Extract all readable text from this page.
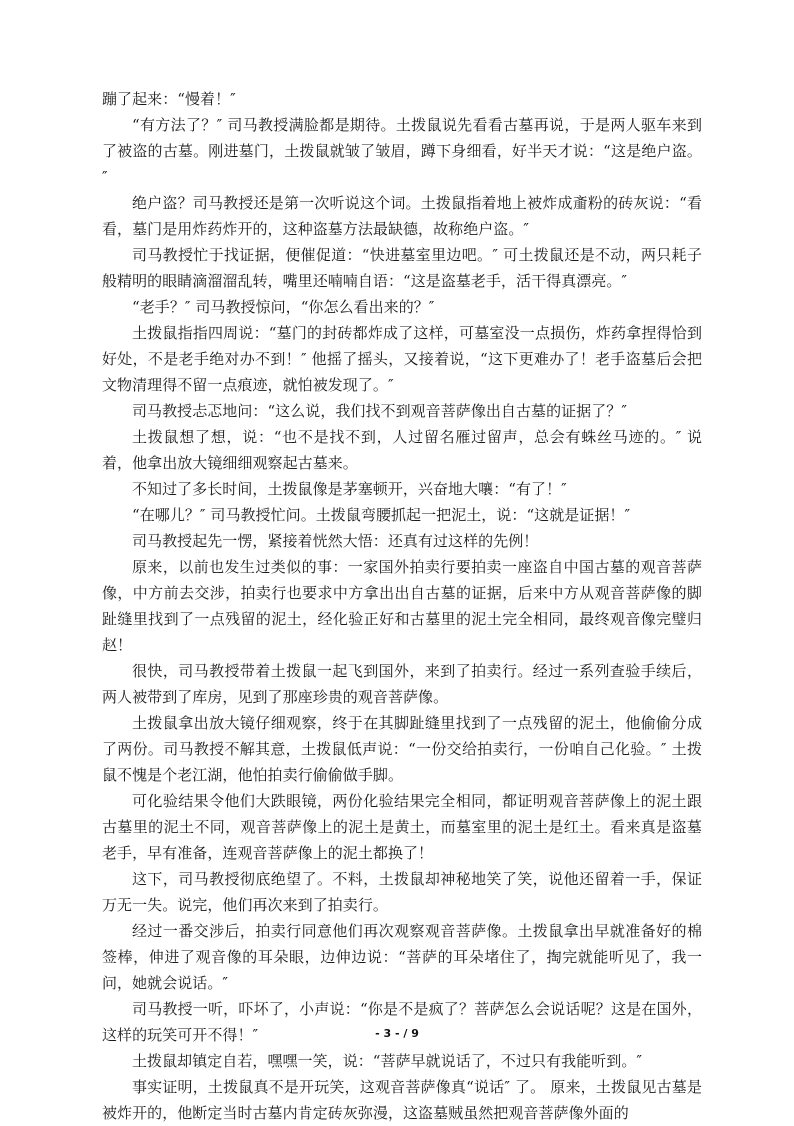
蹦了起来：“慢着！″

“有方法了？″ 司马教授满脸都是期待。土拨鼠说先看看古墓再说，于是两人驱车来到了被盗的古墓。刚进墓门，土拨鼠就皱了皱眉，蹲下身细看，好半天才说：“这是绝户盗。″

绝户盗？司马教授还是第一次听说这个词。土拨鼠指着地上被炸成齑粉的砖灰说：“看看，墓门是用炸药炸开的，这种盗墓方法最缺德，故称绝户盗。″

司马教授忙于找证据，便催促道：“快进墓室里边吧。″ 可土拨鼠还是不动，两只耗子般精明的眼睛滴溜溜乱转，嘴里还喃喃自语：“这是盗墓老手，活干得真漂亮。″

“老手？″ 司马教授惊问，“你怎么看出来的？″

土拨鼠指指四周说：“墓门的封砖都炸成了这样，可墓室没一点损伤，炸药拿捏得恰到好处，不是老手绝对办不到！″ 他摇了摇头，又接着说，“这下更难办了！老手盗墓后会把文物清理得不留一点痕迹，就怕被发现了。″

司马教授忐忑地问：“这么说，我们找不到观音菩萨像出自古墓的证据了？″

土拨鼠想了想，说：“也不是找不到，人过留名雁过留声，总会有蛛丝马迹的。″ 说着，他拿出放大镜细细观察起古墓来。

不知过了多长时间，土拨鼠像是茅塞顿开，兴奋地大嚷：“有了！″

“在哪儿？″ 司马教授忙问。土拨鼠弯腰抓起一把泥土，说：“这就是证据！″

司马教授起先一愣，紧接着恍然大悟：还真有过这样的先例！

原来，以前也发生过类似的事：一家国外拍卖行要拍卖一座盗自中国古墓的观音菩萨像，中方前去交涉，拍卖行也要求中方拿出出自古墓的证据，后来中方从观音菩萨像的脚趾缝里找到了一点残留的泥土，经化验正好和古墓里的泥土完全相同，最终观音像完璧归赵！

很快，司马教授带着土拨鼠一起飞到国外，来到了拍卖行。经过一系列查验手续后，两人被带到了库房，见到了那座珍贵的观音菩萨像。

土拨鼠拿出放大镜仔细观察，终于在其脚趾缝里找到了一点残留的泥土，他偷偷分成了两份。司马教授不解其意，土拨鼠低声说：“一份交给拍卖行，一份咱自己化验。″ 土拨鼠不愧是个老江湖，他怕拍卖行偷偷做手脚。

可化验结果令他们大跌眼镜，两份化验结果完全相同，都证明观音菩萨像上的泥土跟古墓里的泥土不同，观音菩萨像上的泥土是黄土，而墓室里的泥土是红土。看来真是盗墓老手，早有准备，连观音菩萨像上的泥土都换了！

这下，司马教授彻底绝望了。不料，土拨鼠却神秘地笑了笑，说他还留着一手，保证万无一失。说完，他们再次来到了拍卖行。

经过一番交涉后，拍卖行同意他们再次观察观音菩萨像。土拨鼠拿出早就准备好的棉签棒，伸进了观音像的耳朵眼，边伸边说：“菩萨的耳朵堵住了，掏完就能听见了，我一问，她就会说话。″

司马教授一听，吓坏了，小声说：“你是不是疯了？菩萨怎么会说话呢？这是在国外，这样的玩笑可开不得！″

土拨鼠却镇定自若，嘿嘿一笑，说：“菩萨早就说话了，不过只有我能听到。″

事实证明，土拨鼠真不是开玩笑，这观音菩萨像真“说话″ 了。 原来，土拨鼠见古墓是被炸开的，他断定当时古墓内肯定砖灰弥漫，这盗墓贼虽然把观音菩萨像外面的

- 3 - / 9
